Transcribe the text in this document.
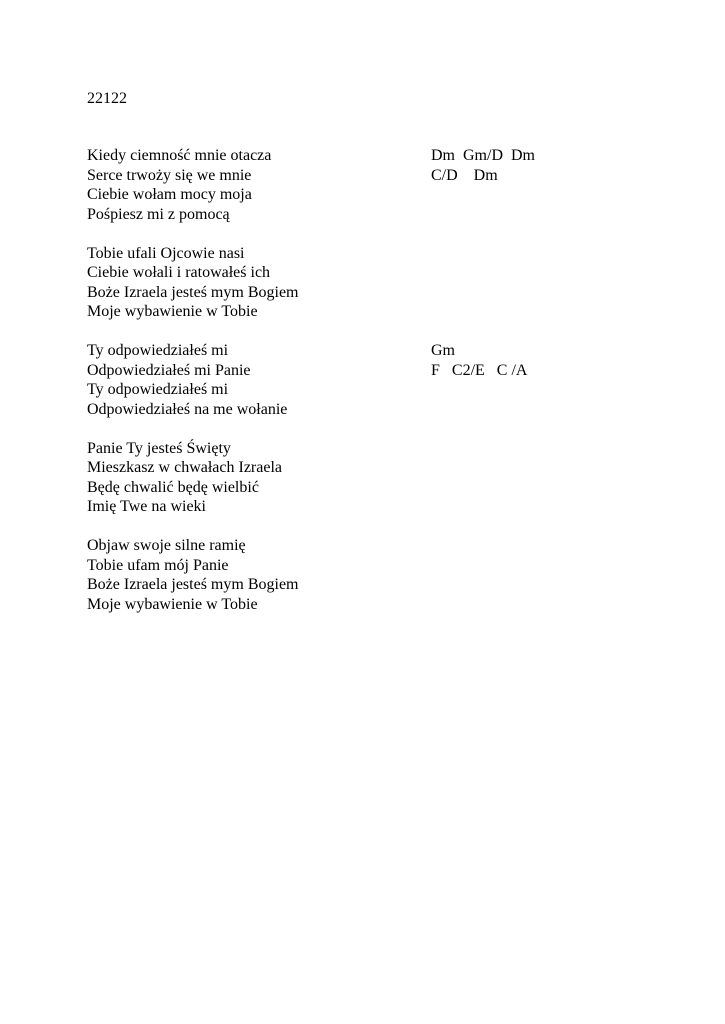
22122
Kiedy ciemność mnie otacza
Serce trwoży się we mnie
Ciebie wołam mocy moja
Pośpiesz mi z pomocą
Tobie ufali Ojcowie nasi
Ciebie wołali i ratowałeś ich
Boże Izraela jesteś mym Bogiem
Moje wybawienie w Tobie
Ty odpowiedziałeś mi
Odpowiedziałeś mi Panie
Ty odpowiedziałeś mi
Odpowiedziałeś na me wołanie
Panie Ty jesteś Święty
Mieszkasz w chwałach Izraela
Będę chwalić będę wielbić
Imię Twe na wieki
Objaw swoje silne ramię
Tobie ufam mój Panie
Boże Izraela jesteś mym Bogiem
Moje wybawienie w Tobie
Dm  Gm/D  Dm
C/D    Dm
Gm
F   C2/E   C /A
